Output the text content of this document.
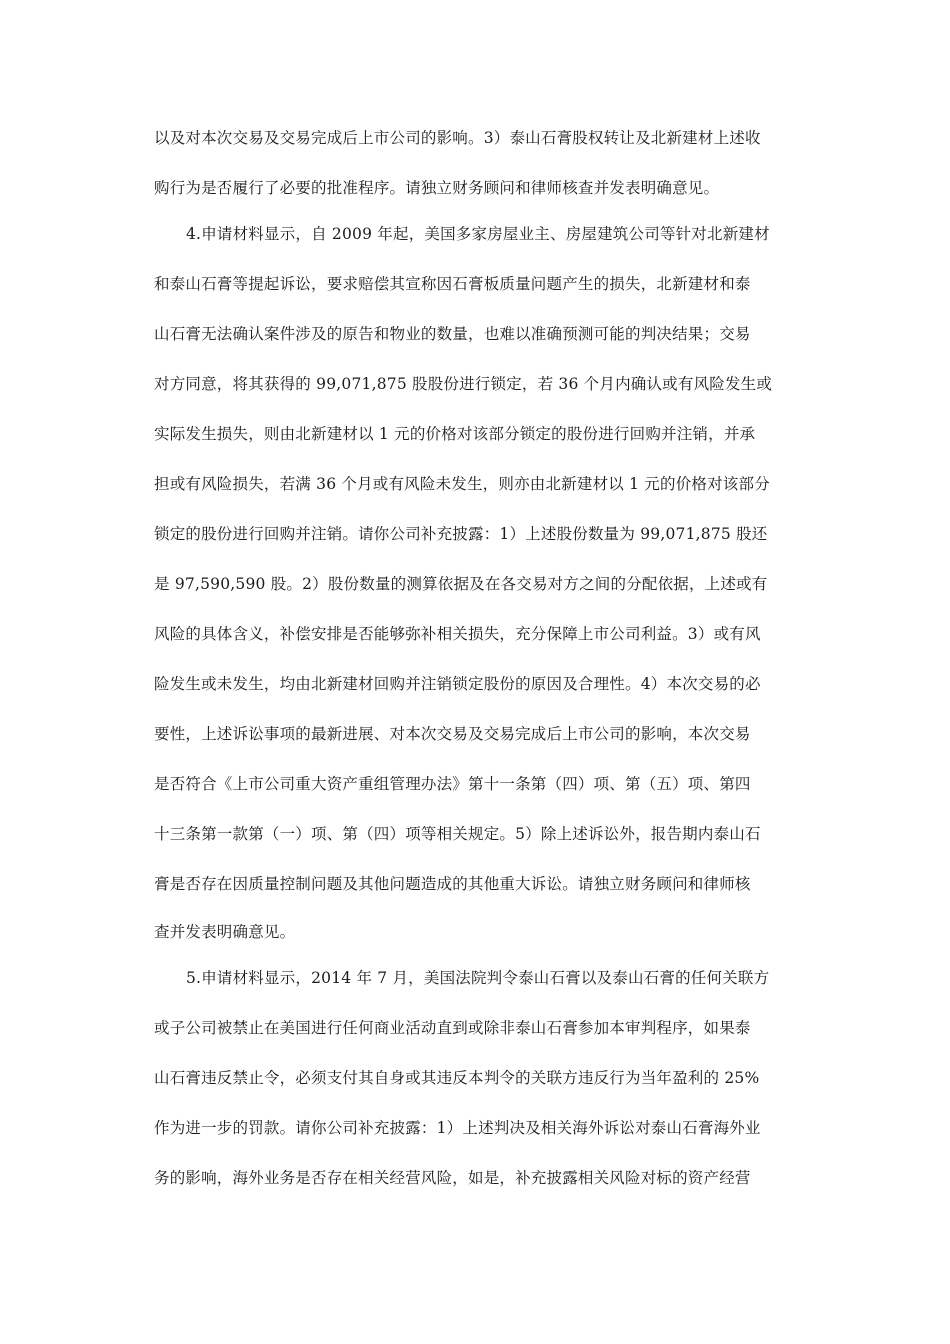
以及对本次交易及交易完成后上市公司的影响。3）泰山石膏股权转让及北新建材上述收
购行为是否履行了必要的批准程序。请独立财务顾问和律师核查并发表明确意见。
4.申请材料显示，自 2009 年起，美国多家房屋业主、房屋建筑公司等针对北新建材
和泰山石膏等提起诉讼，要求赔偿其宣称因石膏板质量问题产生的损失，北新建材和泰
山石膏无法确认案件涉及的原告和物业的数量，也难以准确预测可能的判决结果；交易
对方同意，将其获得的 99,071,875 股股份进行锁定，若 36 个月内确认或有风险发生或
实际发生损失，则由北新建材以 1 元的价格对该部分锁定的股份进行回购并注销，并承
担或有风险损失，若满 36 个月或有风险未发生，则亦由北新建材以 1 元的价格对该部分
锁定的股份进行回购并注销。请你公司补充披露：1）上述股份数量为 99,071,875 股还
是 97,590,590 股。2）股份数量的测算依据及在各交易对方之间的分配依据，上述或有
风险的具体含义，补偿安排是否能够弥补相关损失，充分保障上市公司利益。3）或有风
险发生或未发生，均由北新建材回购并注销锁定股份的原因及合理性。4）本次交易的必
要性，上述诉讼事项的最新进展、对本次交易及交易完成后上市公司的影响，本次交易
是否符合《上市公司重大资产重组管理办法》第十一条第（四）项、第（五）项、第四
十三条第一款第（一）项、第（四）项等相关规定。5）除上述诉讼外，报告期内泰山石
膏是否存在因质量控制问题及其他问题造成的其他重大诉讼。请独立财务顾问和律师核
查并发表明确意见。
5.申请材料显示，2014 年 7 月，美国法院判令泰山石膏以及泰山石膏的任何关联方
或子公司被禁止在美国进行任何商业活动直到或除非泰山石膏参加本审判程序，如果泰
山石膏违反禁止令，必须支付其自身或其违反本判令的关联方违反行为当年盈利的 25%
作为进一步的罚款。请你公司补充披露：1）上述判决及相关海外诉讼对泰山石膏海外业
务的影响，海外业务是否存在相关经营风险，如是，补充披露相关风险对标的资产经营
